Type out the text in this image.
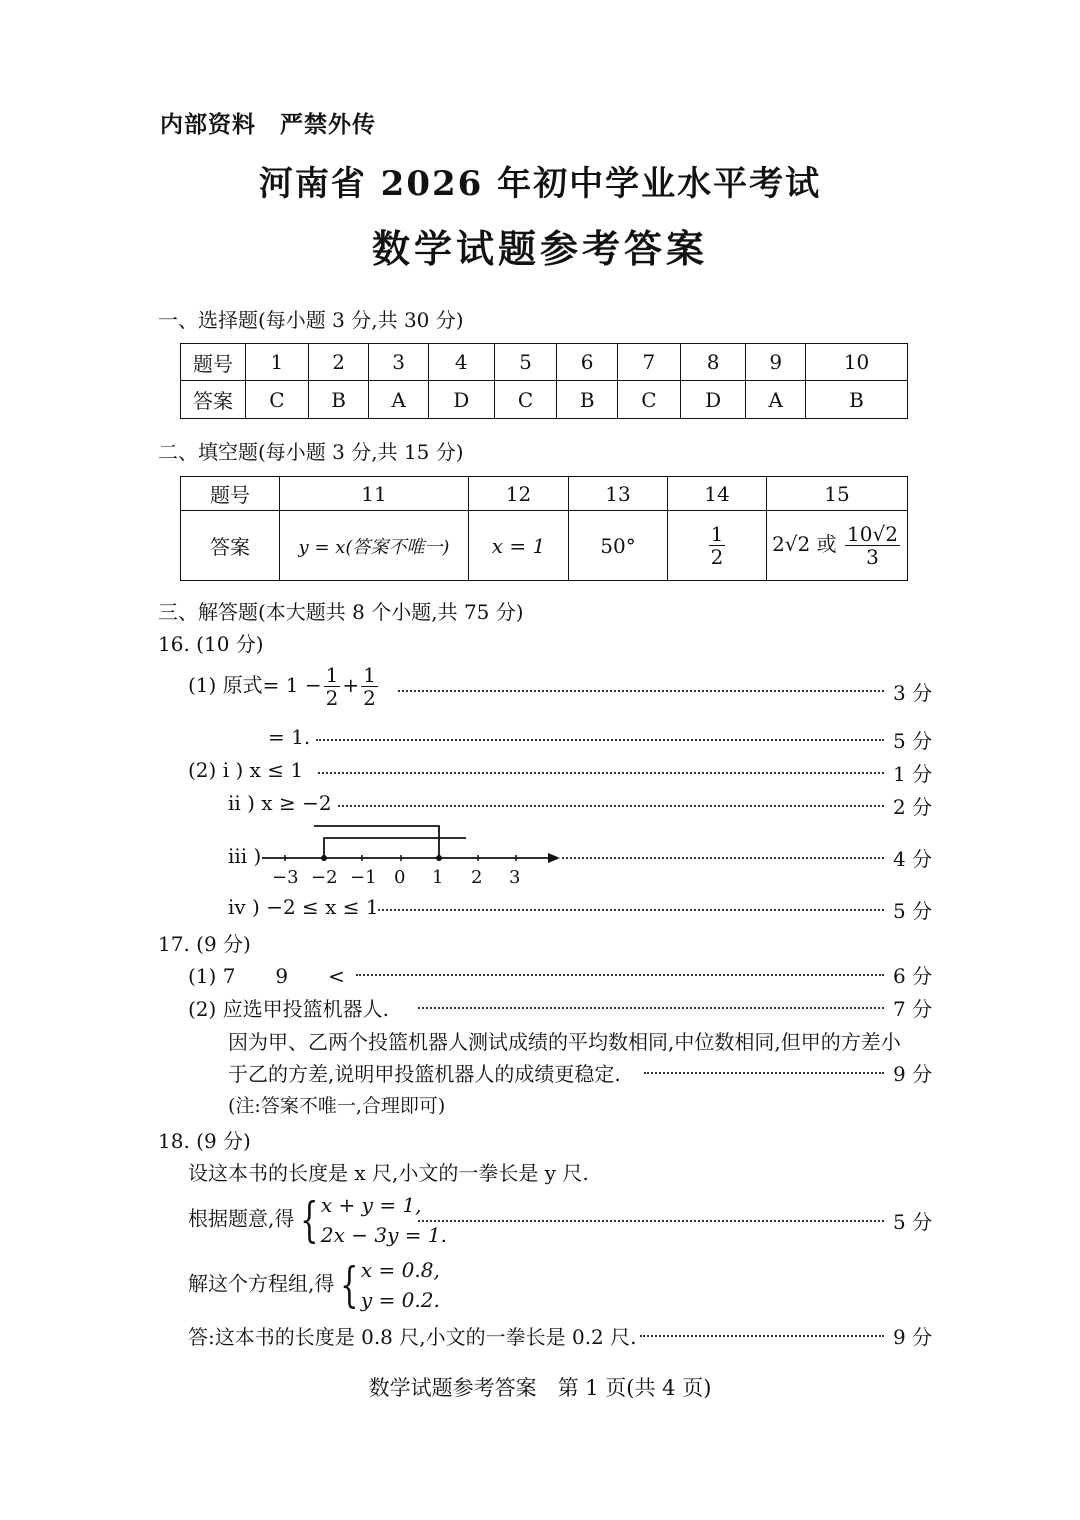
内部资料　严禁外传
河南省 2026 年初中学业水平考试
数学试题参考答案
一、选择题(每小题 3 分,共 30 分)
题号	1	2	3	4	5	6	7	8	9	10
答案	C	B	A	D	C	B	C	D	A	B
二、填空题(每小题 3 分,共 15 分)
题号	11	12	13	14	15
答案	y = x(答案不唯一)	x = 1	50°	$\frac{1}{2}$	2√2 或 $\frac{10√2}{3}$
三、解答题(本大题共 8 个小题,共 75 分)
16. (10 分)
(1) 原式= $1 - \frac{1}{2} + \frac{1}{2}$	3 分
= 1.	5 分
(2) i ) x ≤ 1	1 分
ii ) x ≥ −2	2 分
iii )
−3 −2 −1 0 1 2 3
4 分
iv ) −2 ≤ x ≤ 1	5 分
17. (9 分)
(1) 7　　9　　<	6 分
(2) 应选甲投篮机器人.	7 分
因为甲、乙两个投篮机器人测试成绩的平均数相同,中位数相同,但甲的方差小
于乙的方差,说明甲投篮机器人的成绩更稳定.	9 分
(注:答案不唯一,合理即可)
18. (9 分)
设这本书的长度是 x 尺,小文的一拳长是 y 尺.
根据题意,得 { x + y = 1,
2x − 3y = 1.
5 分
解这个方程组,得 { x = 0.8,
y = 0.2.
答:这本书的长度是 0.8 尺,小文的一拳长是 0.2 尺.	9 分
数学试题参考答案　第 1 页(共 4 页)
